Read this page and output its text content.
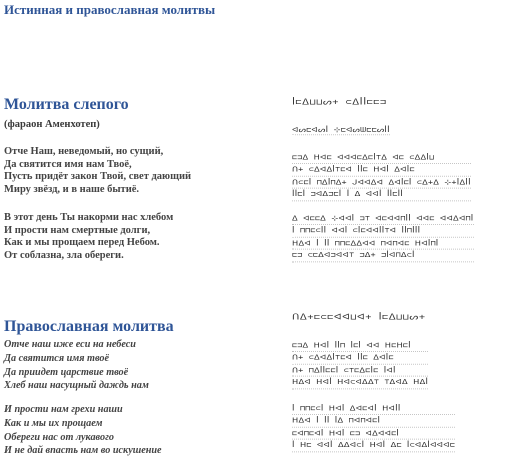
Истинная и православная молитвы
Молитва слепого
(фараон Аменхотеп)
Отче Наш, неведомый, но сущий,
Да святится имя нам Твоё,
Пусть придёт закон Твой, свет дающий
Миру звёзд, и в наше бытиё.
В этот день Ты накорми нас хлебом
И прости нам смертные долги,
Как и мы прощаем перед Небом.
От соблазна, зла обереги.
ꟾ⊏ᐃ⊔⊔ᔕ+ ⊂ᐃꟾꟾ⊏⊏⊐
ᐊᔕ⊏ᐊᔕꟾ ⊹⊏ᐊᔕᗯ⊏⊏ᔕꟾꟾ
⊏⊐ᐃ ᕼᐊ⊏ ᐊᐊᐊ⊏ᐃ⊏ꟾ⊤ᐃ ᐊ⊏ ⊂ᐃᐃꟾ⊔
ᑎ+ ⊂ᐃᐊᐃꟾ⊤⊏ᐊ ꟾꟾ⊏ ᕼᐊꟾ ᐃᐊꟾ⊏
ᑎ⊂⊏ꟾ ⊓ᐃꟾ⊓ᐃ+ ᒍᐊᐊᐃᐊ ᐃᐊꟾ⊏ꟾ ⊂ᐃ+ᐃ ⊹+ꟾᐃꟾꟾ
ꟾꟾ⊏ꟾ ⊐ᐊᐃ⊐⊏ꟾ ꟾ ᐃ ᐊᐊꟾ ꟾꟾ⊏ꟾꟾ
ᐃ ᐊ⊏⊏ᐃ ⊹ᐊᐊꟾ ⊐⊤ ᐊ⊏ᐊᐊ⊓ꟾꟾ ᐊᐊ⊏ ᐊᐊᐃᐊ⊓ꟾ
ꟾ ⊓⊓⊏⊂ꟾꟾ ᐊᐊꟾ ⊂ꟾ⊏ᐊᐊꟾꟾ⊤ᐊ ꟾꟾ⊓ꟾꟾꟾ
ᕼᐃᐊ ꟾ ꟾꟾ ⊓⊓⊏ᐃᐃᐊᐊ ⊓ᐊ⊓ᐊ⊏ ᕼᐊꟾ⊓ꟾ
⊏⊐ ⊂⊏ᐃᐊ⊐ᐊᐊ⊤ ⊐ᐃ+ ⊐ꟾᐊ⊓ᐃ⊂ꟾ
Православная молитва
Отче наш иже еси на небеси
Да святится имя твоё
Да приидет царствие твоё
Хлеб наш насущный даждь нам
И прости нам грехи наши
Как и мы их прощаем
Обереги нас от лукавого
И не дай впасть нам во искушение
ᑎᐃ+⊏⊂⊏ᐊᐊ⊔ᐊ+ ꟾ⊏ᐃ⊔⊔ᔕ+
⊏⊐ᐃ ᕼᐊꟾ ꟾꟾ⊓ ꟾ⊏ꟾ ᐊᐊ ᕼ⊏ᕼ⊏ꟾ
ᑎ+ ⊂ᐃᐊᐃꟾ⊤⊏ᐊ ꟾꟾ⊏ ᐃᐊꟾ⊏
ᑎ+ ⊓ᐃꟾꟾ⊏⊏ꟾ ⊂⊤⊏ᐃ⊏ꟾ⊏ ꟾᐊꟾ
ᕼᐃᐊ ᕼᐊꟾ ᕼᐊ⊂ᐊᐃᐃ⊤ ⊤ᐃᐊᐃ ᕼᐃꟾ
ꟾ ⊓⊓⊏⊂ꟾ ᕼᐊꟾ ᐃᐊ⊏ᐊꟾ ᕼᐊꟾꟾ
ᕼᐃᐊ ꟾ ꟾꟾ ꟾᐃ ⊓ᐊ⊓ᐊ⊏ꟾ
⊏ᐊ⊓⊏ᐊꟾ ᕼᐊꟾ ⊏⊐ ᐊᐃᐊᐊ⊏ꟾ
ꟾ ᕼ⊏ ᐊᐊꟾ ᐃᐃᐊ⊂ꟾ ᕼᐊꟾ ᐃ⊏ ꟾ⊂ᐊᐃꟾᐊᐊᐊ⊏
